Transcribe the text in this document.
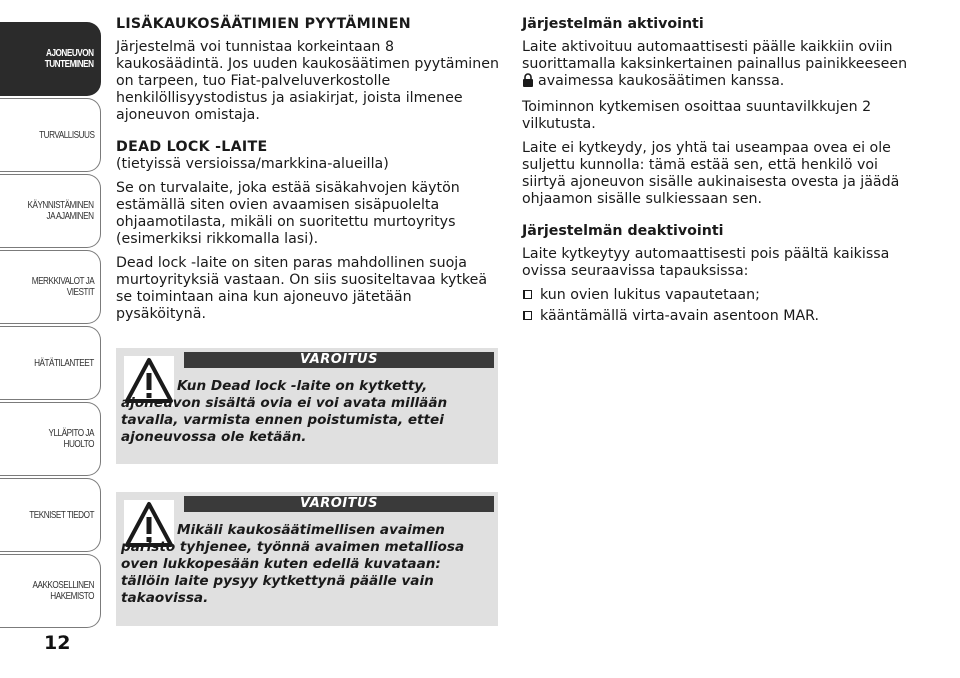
AJONEUVON
TUNTEMINEN
TURVALLISUUS
KÄYNNISTÄMINEN
JA AJAMINEN
MERKKIVALOT JA
VIESTIT
HÄTÄTILANTEET
YLLÄPITO JA HUOLTO
TEKNISET TIEDOT
AAKKOSELLINEN
HAKEMISTO
12
LISÄKAUKOSÄÄTIMIEN PYYTÄMINEN

Järjestelmä voi tunnistaa korkeintaan 8 kaukosäädintä. Jos uuden kaukosäätimen pyytäminen on tarpeen, tuo Fiat-palveluverkostolle henkilöllisyystodistus ja asiakirjat, joista ilmenee ajoneuvon omistaja.

DEAD LOCK -LAITE

(tietyissä versioissa/markkina-alueilla)

Se on turvalaite, joka estää sisäkahvojen käytön estämällä siten ovien avaamisen sisäpuolelta ohjaamotilasta, mikäli on suoritettu murtoyritys (esimerkiksi rikkomalla lasi).

Dead lock -laite on siten paras mahdollinen suoja murtoyrityksiä vastaan. On siis suositeltavaa kytkeä se toimintaan aina kun ajoneuvo jätetään pysäköitynä.

VAROITUS
Kun Dead lock -laite on kytketty, ajoneuvon sisältä ovia ei voi avata millään tavalla, varmista ennen poistumista, ettei ajoneuvossa ole ketään.
VAROITUS
Mikäli kaukosäätimellisen avaimen paristo tyhjenee, työnnä avaimen metalliosa oven lukkopesään kuten edellä kuvataan: tällöin laite pysyy kytkettynä päälle vain takaovissa.
Järjestelmän aktivointi

Laite aktivoituu automaattisesti päälle kaikkiin oviin suorittamalla kaksinkertainen painallus painikkeeseen
avaimessa kaukosäätimen kanssa.

Toiminnon kytkemisen osoittaa suuntavilkkujen 2 vilkutusta.

Laite ei kytkeydy, jos yhtä tai useampaa ovea ei ole suljettu kunnolla: tämä estää sen, että henkilö voi siirtyä ajoneuvon sisälle aukinaisesta ovesta ja jäädä ohjaamon sisälle sulkiessaan sen.

Järjestelmän deaktivointi

Laite kytkeytyy automaattisesti pois päältä kaikissa ovissa seuraavissa tapauksissa:

kun ovien lukitus vapautetaan;
kääntämällä virta-avain asentoon MAR.
